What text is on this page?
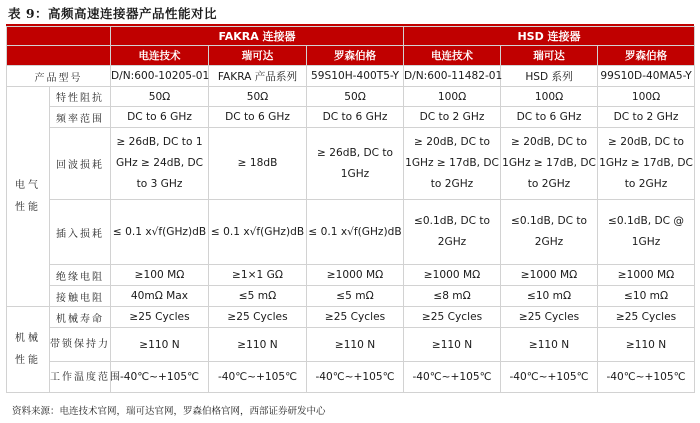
表 9：高频高速连接器产品性能对比
		FAKRA 连接器			HSD 连接器		
		电连技术	瑞可达	罗森伯格	电连技术	瑞可达	罗森伯格
产品型号		D/N:600-10205-01	FAKRA 产品系列	59S10H-400T5-Y	D/N:600-11482-01	HSD 系列	99S10D-40MA5-Y
电气
性能	特性阻抗	50Ω	50Ω	50Ω	100Ω	100Ω	100Ω
	频率范围	DC to 6 GHz	DC to 6 GHz	DC to 6 GHz	DC to 2 GHz	DC to 6 GHz	DC to 2 GHz
	回波损耗	≥ 26dB, DC to 1 GHz ≥ 24dB, DC to 3 GHz	≥ 18dB	≥ 26dB, DC to 1GHz	≥ 20dB, DC to 1GHz ≥ 17dB, DC to 2GHz	≥ 20dB, DC to 1GHz ≥ 17dB, DC to 2GHz	≥ 20dB, DC to 1GHz ≥ 17dB, DC to 2GHz
	插入损耗	≤ 0.1 x√f(GHz)dB	≤ 0.1 x√f(GHz)dB	≤ 0.1 x√f(GHz)dB	≤0.1dB, DC to 2GHz	≤0.1dB, DC to 2GHz	≤0.1dB, DC @ 1GHz
	绝缘电阻	≥100 MΩ	≥1×1 GΩ	≥1000 MΩ	≥1000 MΩ	≥1000 MΩ	≥1000 MΩ
	接触电阻	40mΩ Max	≤5 mΩ	≤5 mΩ	≤8 mΩ	≤10 mΩ	≤10 mΩ
机械
性能	机械寿命	≥25 Cycles	≥25 Cycles	≥25 Cycles	≥25 Cycles	≥25 Cycles	≥25 Cycles
	带锁保持力	≥110 N	≥110 N	≥110 N	≥110 N	≥110 N	≥110 N
	工作温度范围	-40℃~+105℃	-40℃~+105℃	-40℃~+105℃	-40℃~+105℃	-40℃~+105℃	-40℃~+105℃
资料来源：电连技术官网，瑞可达官网，罗森伯格官网，西部证券研发中心
